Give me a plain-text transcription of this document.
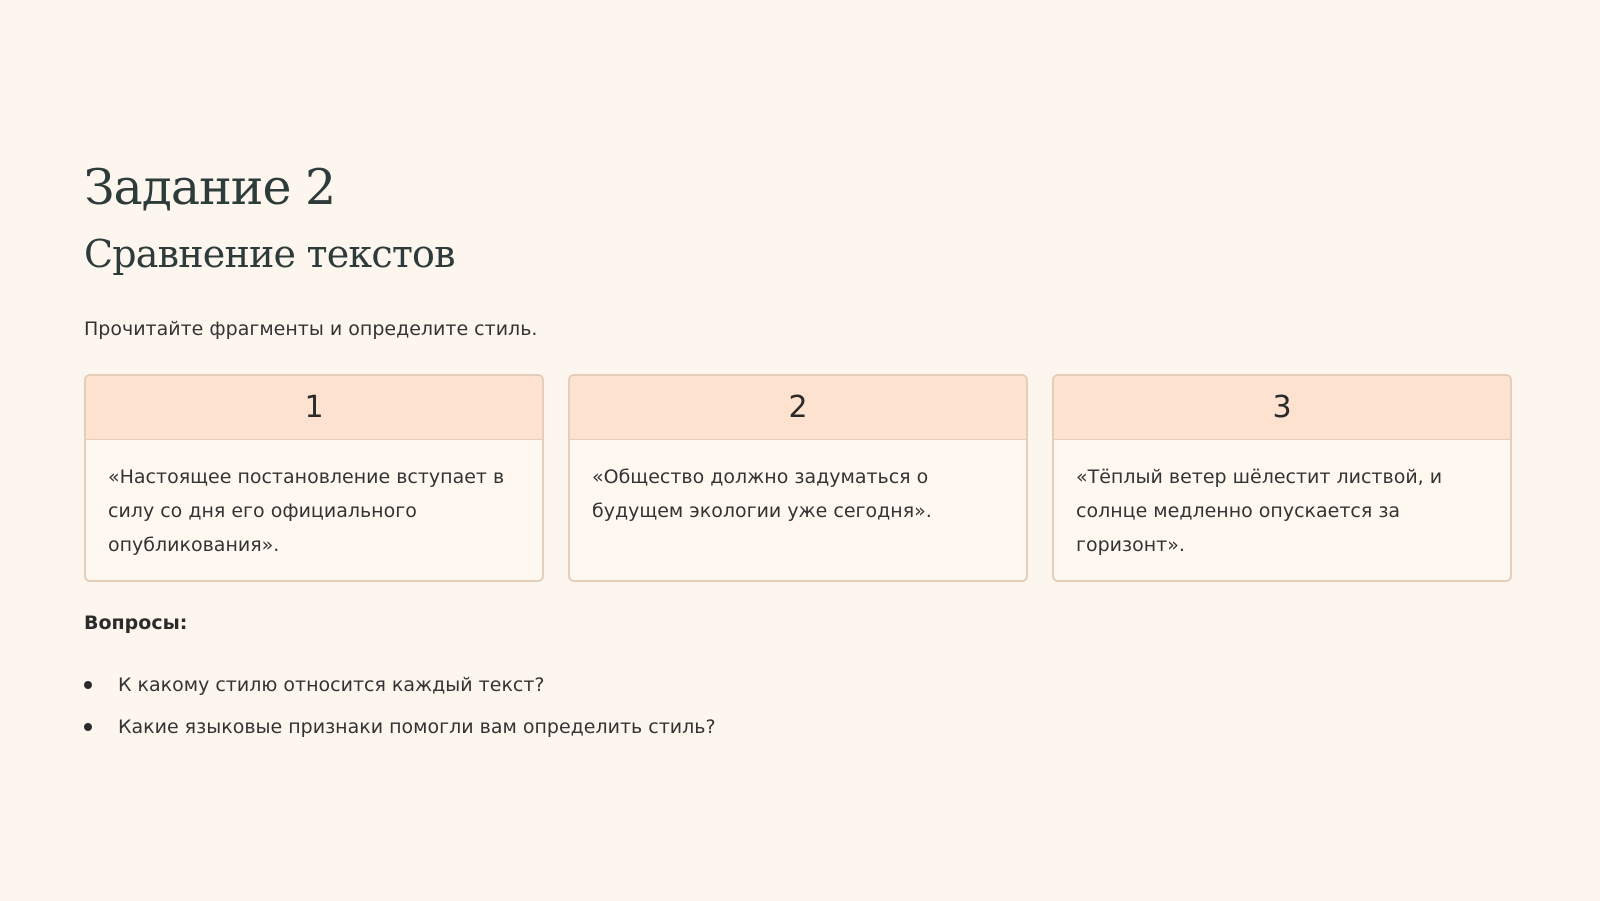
Задание 2
Сравнение текстов
Прочитайте фрагменты и определите стиль.
1
«Настоящее постановление вступает в силу со дня его официального опубликования».
2
«Общество должно задуматься о будущем экологии уже сегодня».
3
«Тёплый ветер шёлестит листвой, и солнце медленно опускается за горизонт».
Вопросы:
К какому стилю относится каждый текст?
Какие языковые признаки помогли вам определить стиль?
